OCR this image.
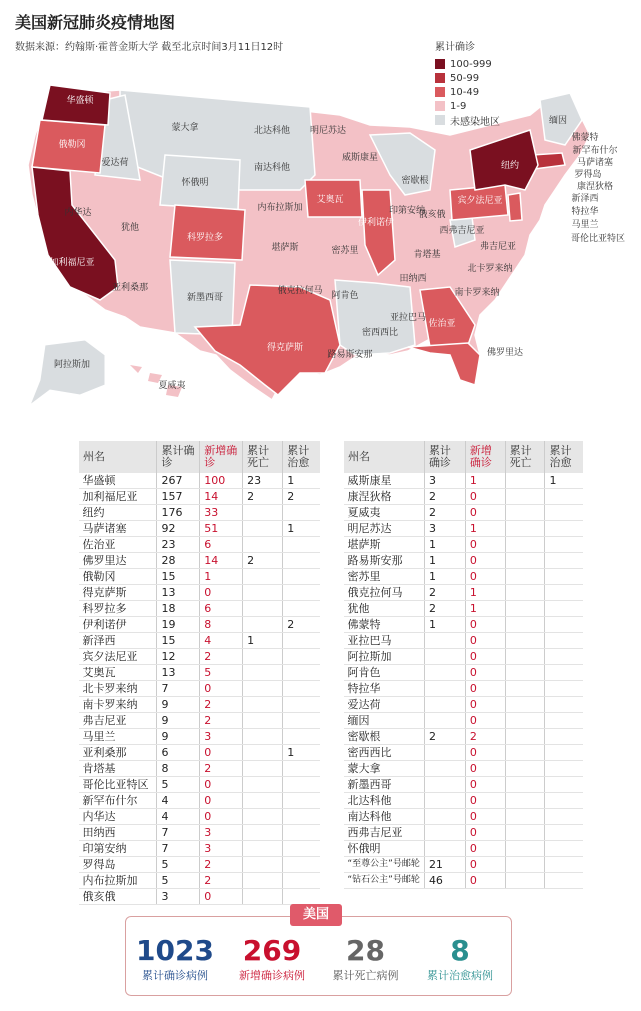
美国新冠肺炎疫情地图
数据来源：约翰斯·霍普金斯大学 截至北京时间3月11日12时
华盛顿
俄勒冈
加利福尼亚
爱达荷
内华达
蒙大拿
怀俄明
犹他
亚利桑那
科罗拉多
新墨西哥
北达科他
南达科他
内布拉斯加
堪萨斯
俄克拉何马
得克萨斯
明尼苏达
威斯康星
艾奥瓦
密苏里
阿肯色
路易斯安那
伊利诺伊
密歇根
印第安纳
俄亥俄
肯塔基
田纳西
密西西比
亚拉巴马
佐治亚
佛罗里达
南卡罗来纳
北卡罗来纳
弗吉尼亚
西弗吉尼亚
宾夕法尼亚
纽约
缅因
佛蒙特
新罕布什尔
马萨诸塞
罗得岛
康涅狄格
新泽西
特拉华
马里兰
哥伦比亚特区
阿拉斯加
夏威夷
累计确诊
100-999
50-99
10-49
1-9
未感染地区
州名	累计确诊	新增确诊	累计死亡	累计治愈
华盛顿	267	100	23	1
加利福尼亚	157	14	2	2
纽约	176	33		
马萨诸塞	92	51		1
佐治亚	23	6		
佛罗里达	28	14	2	
俄勒冈	15	1		
得克萨斯	13	0		
科罗拉多	18	6		
伊利诺伊	19	8		2
新泽西	15	4	1	
宾夕法尼亚	12	2		
艾奥瓦	13	5		
北卡罗来纳	7	0		
南卡罗来纳	9	2		
弗吉尼亚	9	2		
马里兰	9	3		
亚利桑那	6	0		1
肯塔基	8	2		
哥伦比亚特区	5	0		
新罕布什尔	4	0		
内华达	4	0		
田纳西	7	3		
印第安纳	7	3		
罗得岛	5	2		
内布拉斯加	5	2		
俄亥俄	3	0		
州名	累计确诊	新增确诊	累计死亡	累计治愈
威斯康星	3	1		1
康涅狄格	2	0		
夏威夷	2	0		
明尼苏达	3	1		
堪萨斯	1	0		
路易斯安那	1	0		
密苏里	1	0		
俄克拉何马	2	1		
犹他	2	1		
佛蒙特	1	0		
亚拉巴马		0		
阿拉斯加		0		
阿肯色		0		
特拉华		0		
爱达荷		0		
缅因		0		
密歇根	2	2		
密西西比		0		
蒙大拿		0		
新墨西哥		0		
北达科他		0		
南达科他		0		
西弗吉尼亚		0		
怀俄明		0		
“至尊公主”号邮轮	21	0		
“钻石公主”号邮轮	46	0		
美国
1023
累计确诊病例
269
新增确诊病例
28
累计死亡病例
8
累计治愈病例
